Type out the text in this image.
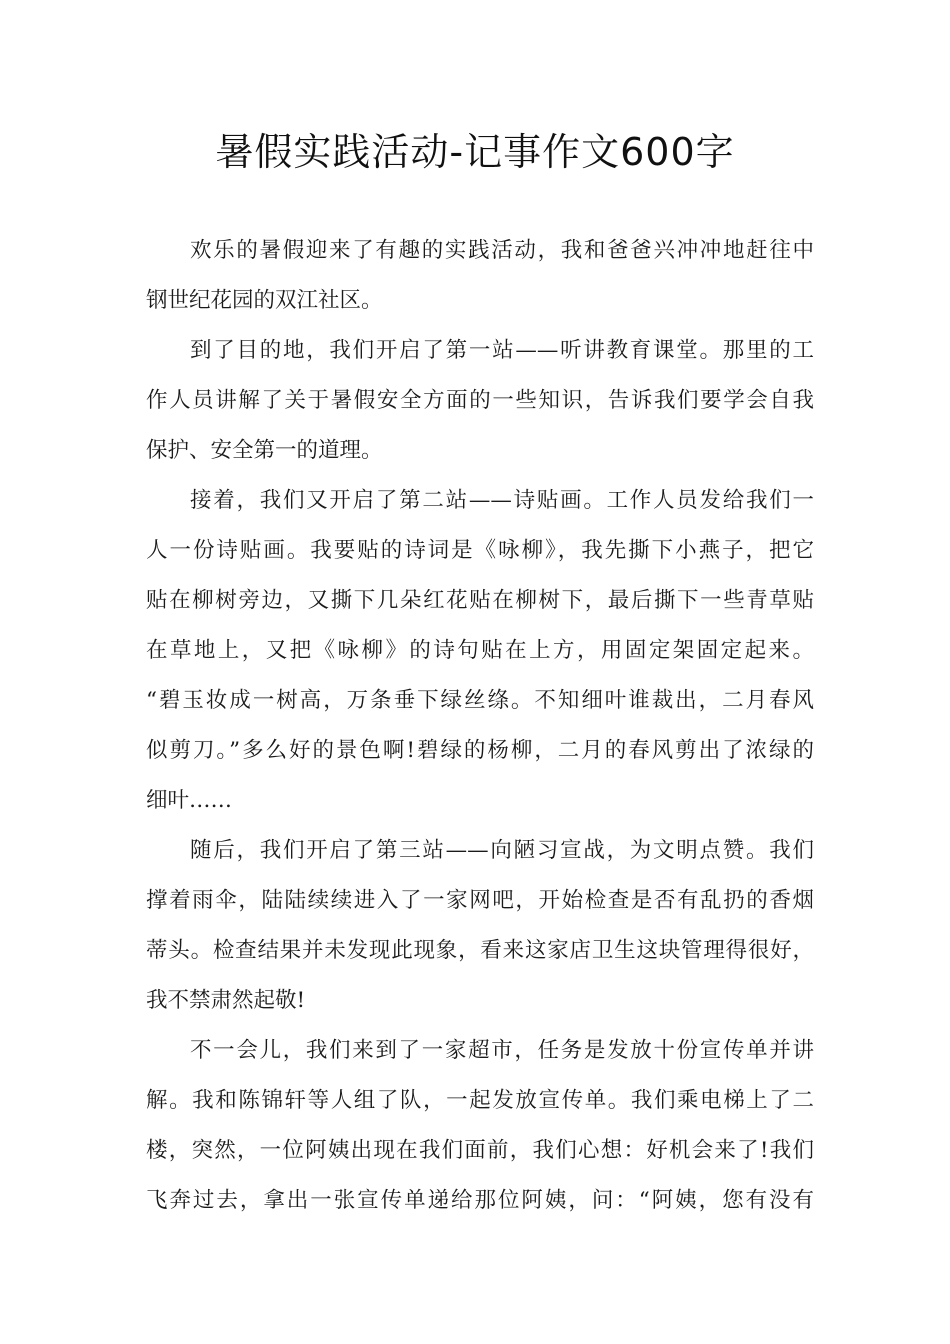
暑假实践活动-记事作文600字
欢乐的暑假迎来了有趣的实践活动，我和爸爸兴冲冲地赶往中
钢世纪花园的双江社区。
到了目的地，我们开启了第一站——听讲教育课堂。那里的工
作人员讲解了关于暑假安全方面的一些知识，告诉我们要学会自我
保护、安全第一的道理。
接着，我们又开启了第二站——诗贴画。工作人员发给我们一
人一份诗贴画。我要贴的诗词是《咏柳》，我先撕下小燕子，把它
贴在柳树旁边，又撕下几朵红花贴在柳树下，最后撕下一些青草贴
在草地上，又把《咏柳》的诗句贴在上方，用固定架固定起来。
“碧玉妆成一树高，万条垂下绿丝绦。不知细叶谁裁出，二月春风
似剪刀。”多么好的景色啊!碧绿的杨柳，二月的春风剪出了浓绿的
细叶……
随后，我们开启了第三站——向陋习宣战，为文明点赞。我们
撑着雨伞，陆陆续续进入了一家网吧，开始检查是否有乱扔的香烟
蒂头。检查结果并未发现此现象，看来这家店卫生这块管理得很好，
我不禁肃然起敬!
不一会儿，我们来到了一家超市，任务是发放十份宣传单并讲
解。我和陈锦轩等人组了队，一起发放宣传单。我们乘电梯上了二
楼，突然，一位阿姨出现在我们面前，我们心想：好机会来了!我们
飞奔过去，拿出一张宣传单递给那位阿姨，问：“阿姨，您有没有
